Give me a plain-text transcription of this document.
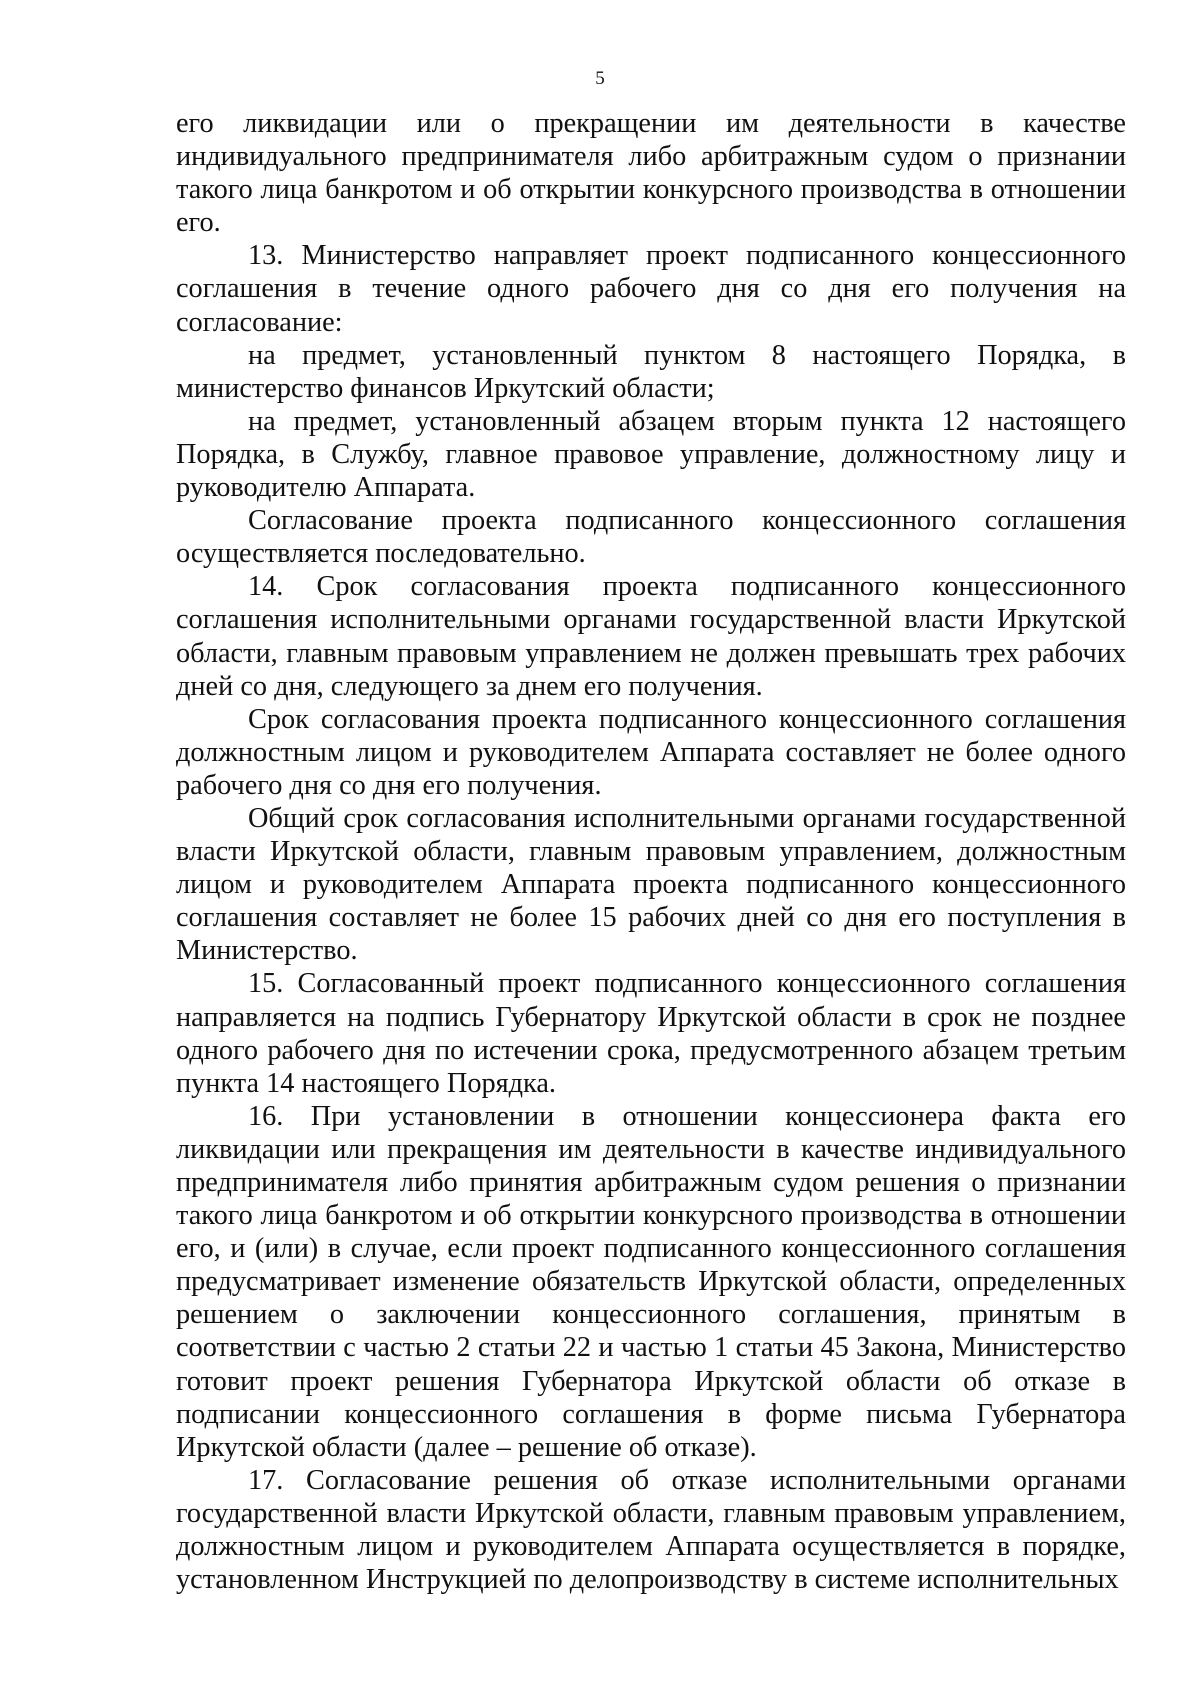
5

его ликвидации или о прекращении им деятельности в качестве индивидуального предпринимателя либо арбитражным судом о признании такого лица банкротом и об открытии конкурсного производства в отношении его.

13. Министерство направляет проект подписанного концессионного соглашения в течение одного рабочего дня со дня его получения на согласование:

на предмет, установленный пунктом 8 настоящего Порядка, в министерство финансов Иркутский области;

на предмет, установленный абзацем вторым пункта 12 настоящего Порядка, в Службу, главное правовое управление, должностному лицу и руководителю Аппарата.

Согласование проекта подписанного концессионного соглашения осуществляется последовательно.

14. Срок согласования проекта подписанного концессионного соглашения исполнительными органами государственной власти Иркутской области, главным правовым управлением не должен превышать трех рабочих дней со дня, следующего за днем его получения.

Срок согласования проекта подписанного концессионного соглашения должностным лицом и руководителем Аппарата составляет не более одного рабочего дня со дня его получения.

Общий срок согласования исполнительными органами государственной власти Иркутской области, главным правовым управлением, должностным лицом и руководителем Аппарата проекта подписанного концессионного соглашения составляет не более 15 рабочих дней со дня его поступления в Министерство.

15. Согласованный проект подписанного концессионного соглашения направляется на подпись Губернатору Иркутской области в срок не позднее одного рабочего дня по истечении срока, предусмотренного абзацем третьим пункта 14 настоящего Порядка.

16. При установлении в отношении концессионера факта его ликвидации или прекращения им деятельности в качестве индивидуального предпринимателя либо принятия арбитражным судом решения о признании такого лица банкротом и об открытии конкурсного производства в отношении его, и (или) в случае, если проект подписанного концессионного соглашения предусматривает изменение обязательств Иркутской области, определенных решением о заключении концессионного соглашения, принятым в соответствии с частью 2 статьи 22 и частью 1 статьи 45 Закона, Министерство готовит проект решения Губернатора Иркутской области об отказе в подписании концессионного соглашения в форме письма Губернатора Иркутской области (далее – решение об отказе).

17. Согласование решения об отказе исполнительными органами государственной власти Иркутской области, главным правовым управлением, должностным лицом и руководителем Аппарата осуществляется в порядке, установленном Инструкцией по делопроизводству в системе исполнительных
